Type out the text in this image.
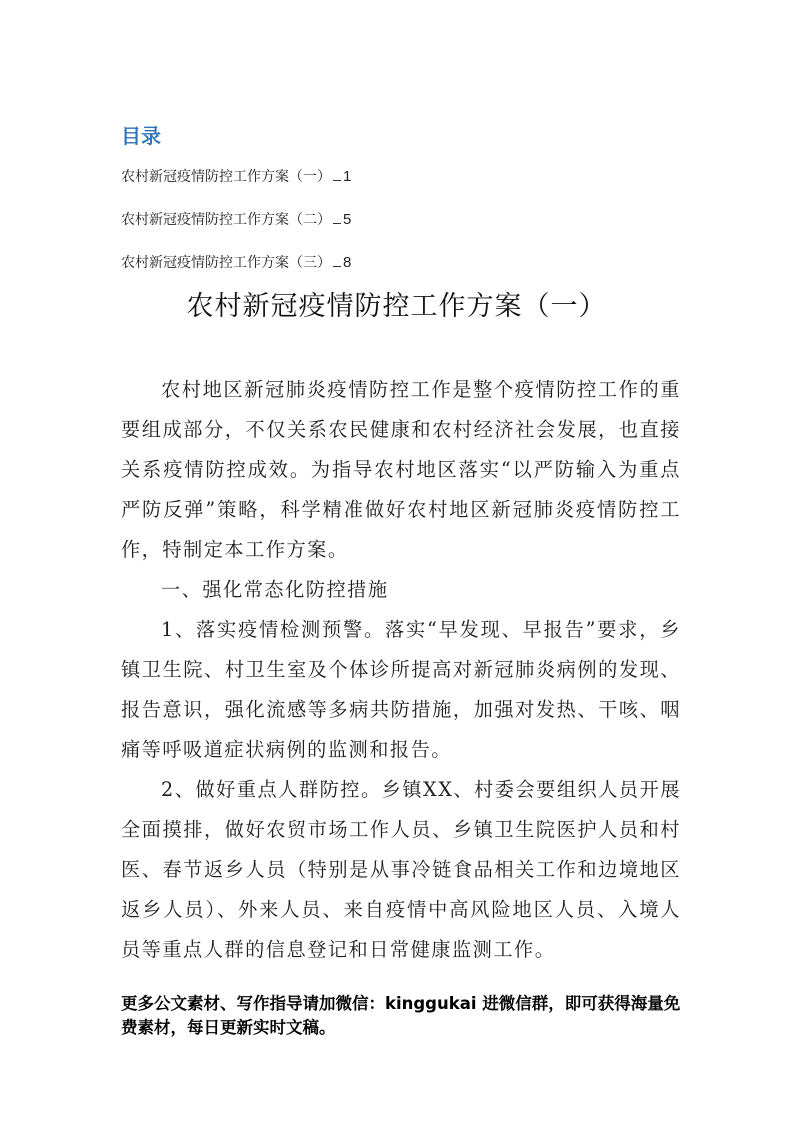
目录
农村新冠疫情防控工作方案（一） 1
农村新冠疫情防控工作方案（二） 5
农村新冠疫情防控工作方案（三） 8
农村新冠疫情防控工作方案（一）

农村地区新冠肺炎疫情防控工作是整个疫情防控工作的重要组成部分，不仅关系农民健康和农村经济社会发展，也直接关系疫情防控成效。为指导农村地区落实“以严防输入为重点严防反弹”策略，科学精准做好农村地区新冠肺炎疫情防控工作，特制定本工作方案。

一、强化常态化防控措施

1、落实疫情检测预警。落实“早发现、早报告”要求，乡镇卫生院、村卫生室及个体诊所提高对新冠肺炎病例的发现、报告意识，强化流感等多病共防措施，加强对发热、干咳、咽痛等呼吸道症状病例的监测和报告。

2、做好重点人群防控。乡镇XX、村委会要组织人员开展全面摸排，做好农贸市场工作人员、乡镇卫生院医护人员和村医、春节返乡人员（特别是从事冷链食品相关工作和边境地区返乡人员）、外来人员、来自疫情中高风险地区人员、入境人员等重点人群的信息登记和日常健康监测工作。

更多公文素材、写作指导请加微信：kinggukai 进微信群，即可获得海量免费素材，每日更新实时文稿。
